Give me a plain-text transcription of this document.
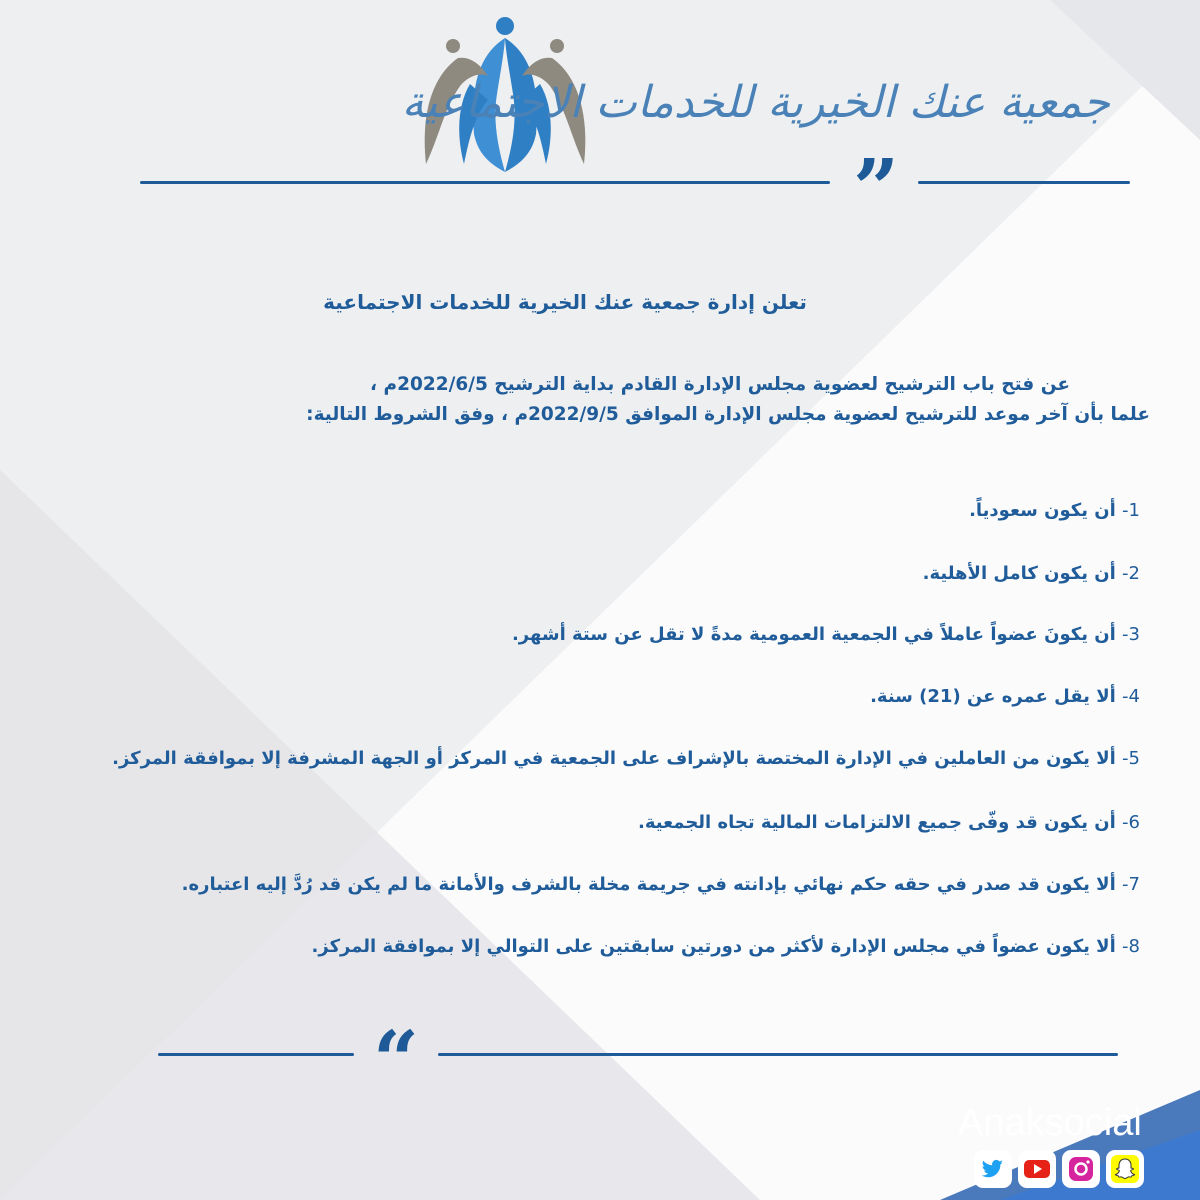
جمعية عنك الخيرية للخدمات الاجتماعية
”
تعلن إدارة جمعية عنك الخيرية للخدمات الاجتماعية
عن فتح باب الترشيح لعضوية مجلس الإدارة القادم بداية الترشيح 2022/6/5م ،
علما بأن آخر موعد للترشيح لعضوية مجلس الإدارة الموافق 2022/9/5م ، وفق الشروط التالية:
1- أن يكون سعودياً.
2- أن يكون كامل الأهلية.
3- أن يكونَ عضواً عاملاً في الجمعية العمومية مدةً لا تقل عن ستة أشهر.
4- ألا يقل عمره عن (21) سنة.
5- ألا يكون من العاملين في الإدارة المختصة بالإشراف على الجمعية في المركز أو الجهة المشرفة إلا بموافقة المركز.
6- أن يكون قد وفّى جميع الالتزامات المالية تجاه الجمعية.
7- ألا يكون قد صدر في حقه حكم نهائي بإدانته في جريمة مخلة بالشرف والأمانة ما لم يكن قد رُدَّ إليه اعتباره.
8- ألا يكون عضواً في مجلس الإدارة لأكثر من دورتين سابقتين على التوالي إلا بموافقة المركز.
“
Anaksocial
